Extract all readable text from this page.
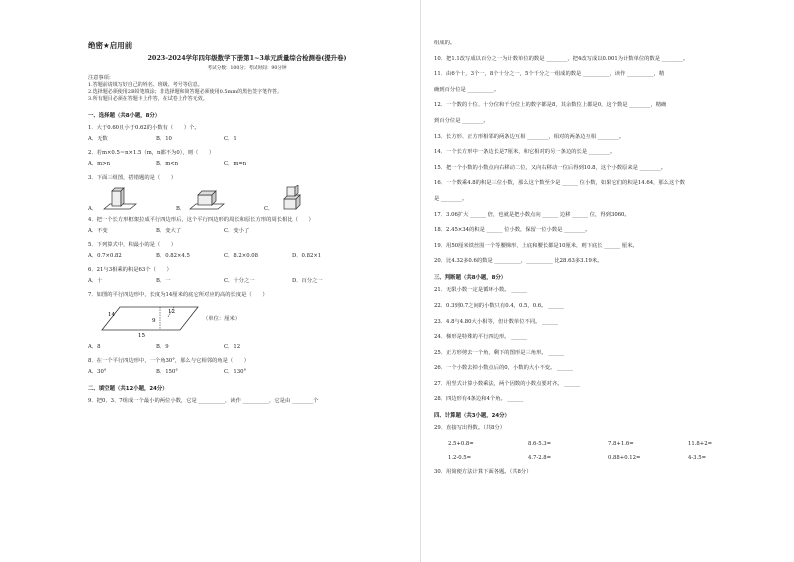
绝密★启用前
2023-2024学年四年级数学下册第1~3单元质量综合检测卷(提升卷)
考试分数：100分；考试时间：90分钟
注意事项：
1.答题前请填写好自己的姓名、班级、考号等信息。
2.选择题必须使用2B铅笔填涂；非选择题和简答题必须使用0.5mm的黑色签字笔作答。
3.所有题目必须在答题卡上作答，在试卷上作答无效。
一、选择题（共8小题，8分）
1．大于0.60且小于0.62的小数有（　　）个。
A．无数	B．10	C．1
2．若m×0.5＝n×1.5（m，n都不为0），则（　　）
A．m>n	B．m<n	C．m=n
3．下面三组图，搭错题的是（　　）
A．	B．	C．
4．把一个长方形框架拉成平行四边形后，这个平行四边形的周长和原长方形的周长相比（　　）
A．不变	B．变大了	C．变小了
5．下列算式中，积最小的是（　　）
A．0.7×0.82	B．0.82×4.5	C．8.2×0.08	D．0.82×1
6．21与3相乘的积是63个（　　）
A．十	B．一	C．十分之一	D．百分之一
7．如图的平行四边形中，长度为14厘米的底它所对应的高的长度是（　　）
14	12
9
15
（单位：厘米）
A．8	B．9	C．12
8．在一个平行四边形中，一个角30°，那么与它相邻的角是（　　）
A．30°	B．150°	C．130°
二、填空题（共12小题，24分）
9．把0、3、7组成一个最小的两位小数，它是 __________，读作 __________，它是由 ________个
组成的。
10．把1.1改写成以百分之一为计数单位的数是 ________，把4改写成以0.001为计数单位的数是 ________。
11．由6个十，3个一，8个十分之一，5个千分之一组成的数是 __________，读作 __________，精
确到百分位是 __________。
12．一个数的十位、十分位和千分位上的数字都是8，其余数位上都是0，这个数是 ________，精确
到百分位是 ________。
13．长方形、正方形相邻的两条边互相 ________，相对的两条边互相 ________。
14．一个长方形中一条边长是7厘米，和它相对的另一条边的长是 ________。
15．把一个小数的小数点向右移动二位，又向右移动一位后得到10.8，这个小数原来是 ________。
16．一个数乘4.8的积是三位小数，那么这个数至少是 ______ 位小数，如果它们的积是14.64，那么这个数
是 ________。
17．3.06扩大 ______ 倍，也就是把小数点向 ______ 边移 ______ 位，得到3060。
18．2.45×34的积是 ______ 位小数，保留一位小数是 ________。
19．用50厘米铁丝围一个等腰梯形，上底和腰长都是10厘米，则下底长 ______ 厘米。
20．比4.32多0.6的数是 __________，__________ 比28.63多3.19米。
三、判断题（共8小题，8分）
21．无限小数一定是循环小数。 ______
22．0.3到0.7之间的小数只有0.4，0.5，0.6。 ______
23．4.8与4.80大小相等，但计数单位不同。 ______
24．梯形是特殊的平行四边形。 ______
25．正方形剪去一个角，剩下的图形是三角形。 ______
26．一个小数去掉小数点后的0，小数的大小不变。 ______
27．用竖式计算小数乘法，两个因数的小数点要对齐。 ______
28．四边形有4条边和4个角。 ______
四、计算题（共3小题，24分）
29．直接写出得数。（共8分）
2.5+0.8=	8.6-5.3=	7.8+1.6=	11.8+2=
1.2-0.5=	4.7-2.8=	0.88+0.12=	4-3.5=
30．用简便方法计算下面各题。（共8分）
